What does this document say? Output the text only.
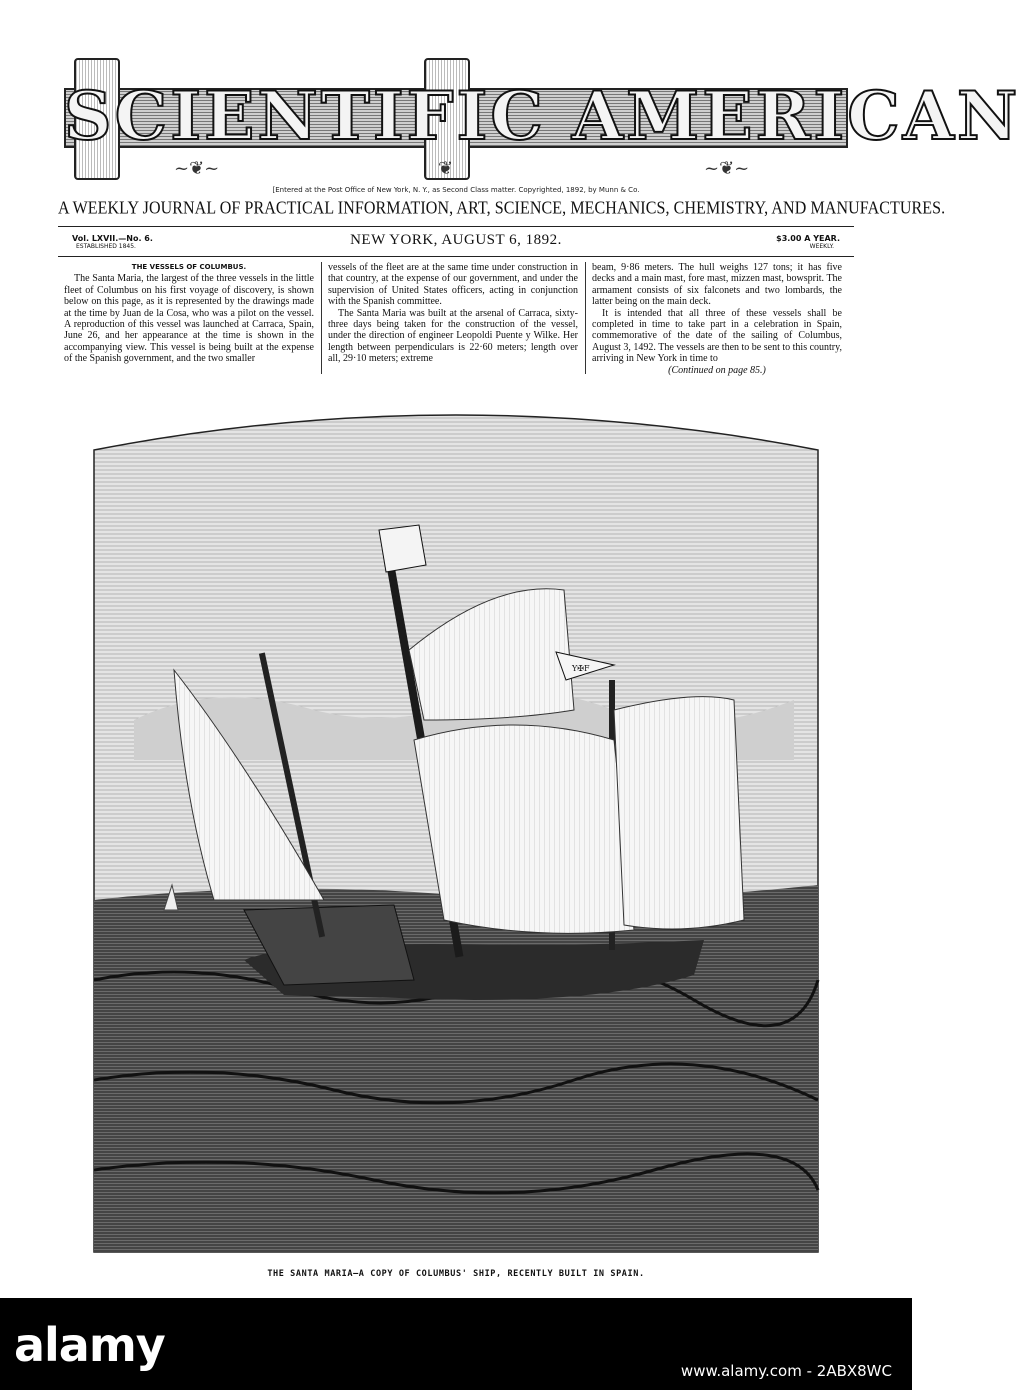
SCIENTIFIC AMERICAN
~❦~	❦	~❦~
[Entered at the Post Office of New York, N. Y., as Second Class matter. Copyrighted, 1892, by Munn & Co.
A WEEKLY JOURNAL OF PRACTICAL INFORMATION, ART, SCIENCE, MECHANICS, CHEMISTRY, AND MANUFACTURES.
Vol. LXVII.—No. 6.
ESTABLISHED 1845.	NEW YORK, AUGUST 6, 1892.	$3.00 A YEAR.
WEEKLY.

THE VESSELS OF COLUMBUS.

The Santa Maria, the largest of the three vessels in the little fleet of Columbus on his first voyage of discovery, is shown below on this page, as it is represented by the drawings made at the time by Juan de la Cosa, who was a pilot on the vessel. A reproduction of this vessel was launched at Carraca, Spain, June 26, and her appearance at the time is shown in the accompanying view. This vessel is being built at the expense of the Spanish government, and the two smaller

vessels of the fleet are at the same time under construction in that country, at the expense of our government, and under the supervision of United States officers, acting in conjunction with the Spanish committee.

The Santa Maria was built at the arsenal of Carraca, sixty-three days being taken for the construction of the vessel, under the direction of engineer Leopoldi Puente y Wilke. Her length between perpendiculars is 22·60 meters; length over all, 29·10 meters; extreme

beam, 9·86 meters. The hull weighs 127 tons; it has five decks and a main mast, fore mast, mizzen mast, bowsprit. The armament consists of six falconets and two lombards, the latter being on the main deck.

It is intended that all three of these vessels shall be completed in time to take part in a celebration in Spain, commemorative of the date of the sailing of Columbus, August 3, 1492. The vessels are then to be sent to this country, arriving in New York in time to

(Continued on page 85.)

Y✠F
THE SANTA MARIA—A COPY OF COLUMBUS' SHIP, RECENTLY BUILT IN SPAIN.
alamy	www.alamy.com - 2ABX8WC
